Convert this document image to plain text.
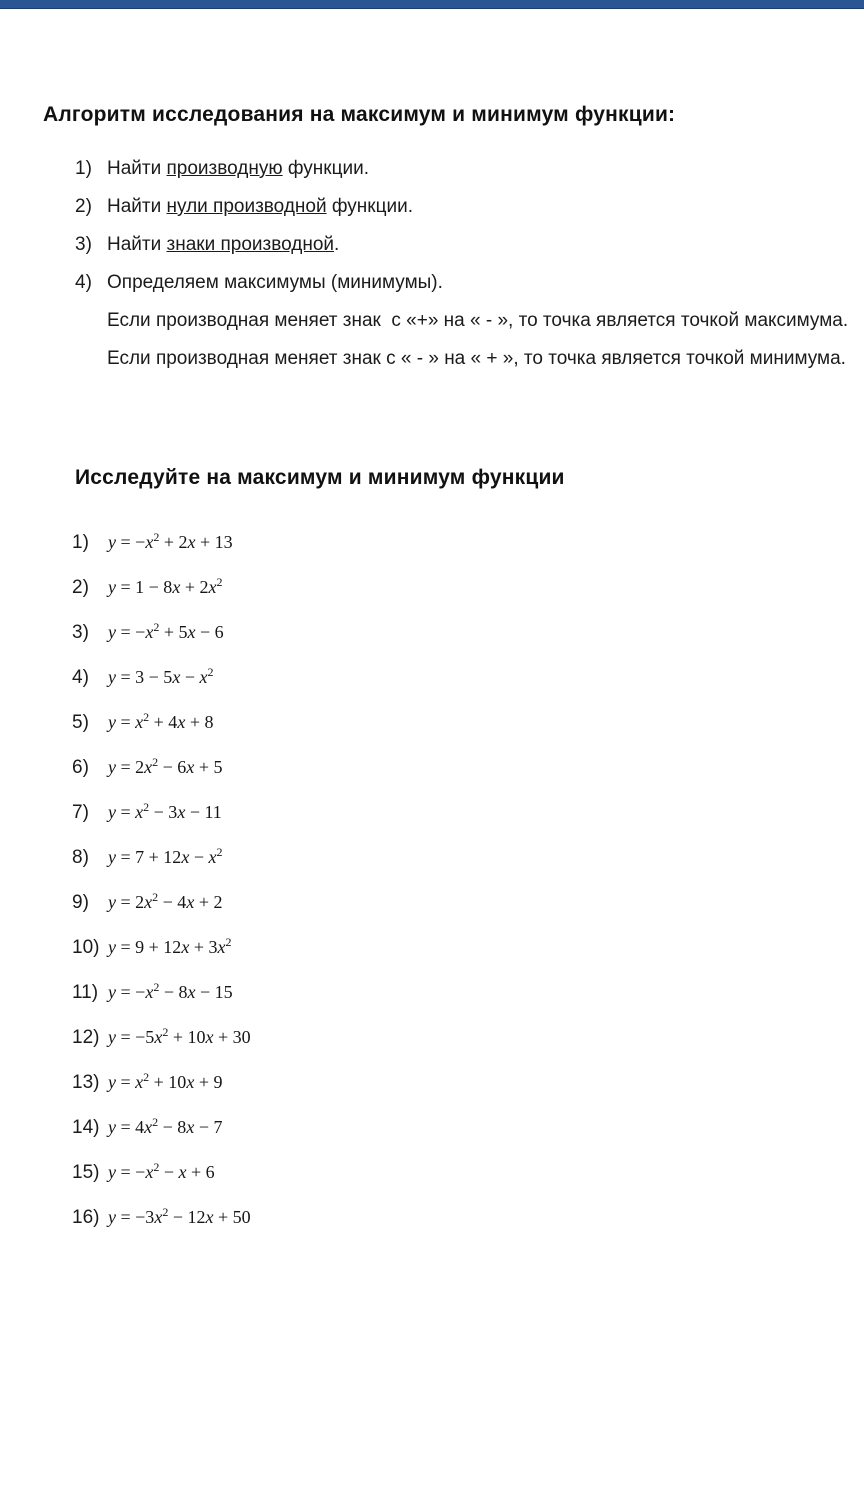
Алгоритм исследования на максимум и минимум функции:
1) Найти производную функции.
2) Найти нули производной функции.
3) Найти знаки производной.
4) Определяем максимумы (минимумы).

Если производная меняет знак  с «+» на « - », то точка является точкой максимума. Если производная меняет знак с « - » на « + », то точка является точкой минимума.

Исследуйте на максимум и минимум функции
1)	$y = -x^2 + 2x + 13$
2)	$y = 1 - 8x + 2x^2$
3)	$y = -x^2 + 5x - 6$
4)	$y = 3 - 5x - x^2$
5)	$y = x^2 + 4x + 8$
6)	$y = 2x^2 - 6x + 5$
7)	$y = x^2 - 3x - 11$
8)	$y = 7 + 12x - x^2$
9)	$y = 2x^2 - 4x + 2$
10) $y = 9 + 12x + 3x^2$
11) $y = -x^2 - 8x - 15$
12) $y = -5x^2 + 10x + 30$
13) $y = x^2 + 10x + 9$
14) $y = 4x^2 - 8x - 7$
15) $y = -x^2 - x + 6$
16) $y = -3x^2 - 12x + 50$
